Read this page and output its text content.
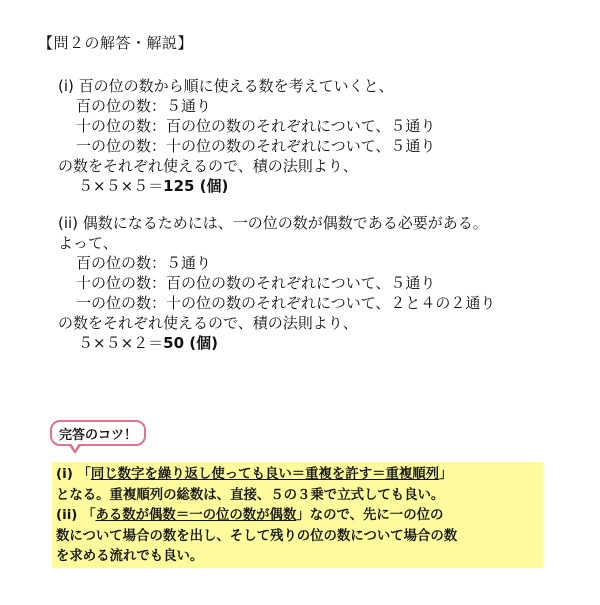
【問２の解答・解説】
(i) 百の位の数から順に使える数を考えていくと、
百の位の数：５通り
十の位の数：百の位の数のそれぞれについて、５通り
一の位の数：十の位の数のそれぞれについて、５通り
の数をそれぞれ使えるので、積の法則より、
５×５×５＝125 (個)
(ii) 偶数になるためには、一の位の数が偶数である必要がある。
よって、
百の位の数：５通り
十の位の数：百の位の数のそれぞれについて、５通り
一の位の数：十の位の数のそれぞれについて、２と４の２通り
の数をそれぞれ使えるので、積の法則より、
５×５×２＝50 (個)
完答のコツ！
(i) 「同じ数字を繰り返し使っても良い＝重複を許す＝重複順列」
となる。重複順列の総数は、直接、５の３乗で立式しても良い。
(ii) 「ある数が偶数＝一の位の数が偶数」なので、先に一の位の
数について場合の数を出し、そして残りの位の数について場合の数
を求める流れでも良い。
